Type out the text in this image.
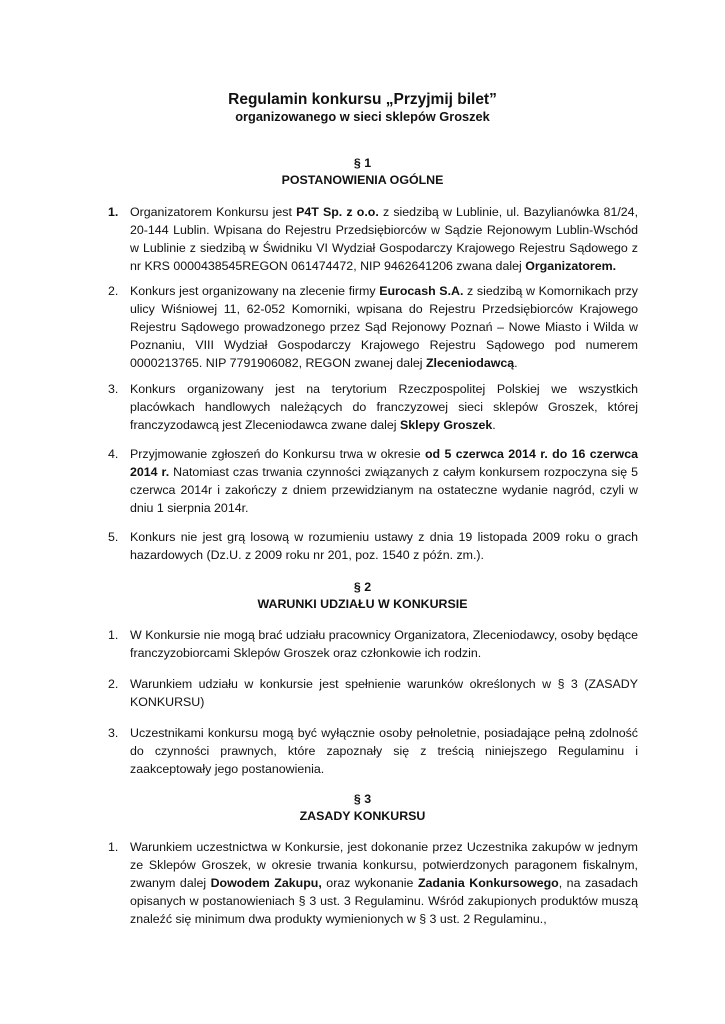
Regulamin konkursu „Przyjmij bilet”
organizowanego w sieci sklepów Groszek
§ 1
POSTANOWIENIA OGÓLNE
1. Organizatorem Konkursu jest P4T Sp. z o.o. z siedzibą w Lublinie, ul. Bazylianówka 81/24, 20-144 Lublin. Wpisana do Rejestru Przedsiębiorców w Sądzie Rejonowym Lublin-Wschód w Lublinie z siedzibą w Świdniku VI Wydział Gospodarczy Krajowego Rejestru Sądowego z nr KRS 0000438545REGON 061474472, NIP 9462641206 zwana dalej Organizatorem.
2. Konkurs jest organizowany na zlecenie firmy Eurocash S.A. z siedzibą w Komornikach przy ulicy Wiśniowej 11, 62-052 Komorniki, wpisana do Rejestru Przedsiębiorców Krajowego Rejestru Sądowego prowadzonego przez Sąd Rejonowy Poznań – Nowe Miasto i Wilda w Poznaniu, VIII Wydział Gospodarczy Krajowego Rejestru Sądowego pod numerem 0000213765. NIP 7791906082, REGON zwanej dalej Zleceniodawcą.
3. Konkurs organizowany jest na terytorium Rzeczpospolitej Polskiej we wszystkich placówkach handlowych należących do franczyzowej sieci sklepów Groszek, której franczyzodawcą jest Zleceniodawca zwane dalej Sklepy Groszek.
4. Przyjmowanie zgłoszeń do Konkursu trwa w okresie od 5 czerwca 2014 r. do 16 czerwca 2014 r. Natomiast czas trwania czynności związanych z całym konkursem rozpoczyna się 5 czerwca 2014r i zakończy z dniem przewidzianym na ostateczne wydanie nagród, czyli w dniu 1 sierpnia 2014r.
5. Konkurs nie jest grą losową w rozumieniu ustawy z dnia 19 listopada 2009 roku o grach hazardowych (Dz.U. z 2009 roku nr 201, poz. 1540 z późn. zm.).
§ 2
WARUNKI UDZIAŁU W KONKURSIE
1. W Konkursie nie mogą brać udziału pracownicy Organizatora, Zleceniodawcy, osoby będące franczyzobiorcami Sklepów Groszek oraz członkowie ich rodzin.
2. Warunkiem udziału w konkursie jest spełnienie warunków określonych w § 3 (ZASADY KONKURSU)
3. Uczestnikami konkursu mogą być wyłącznie osoby pełnoletnie, posiadające pełną zdolność do czynności prawnych, które zapoznały się z treścią niniejszego Regulaminu i zaakceptowały jego postanowienia.
§ 3
ZASADY KONKURSU
1. Warunkiem uczestnictwa w Konkursie, jest dokonanie przez Uczestnika zakupów w jednym ze Sklepów Groszek, w okresie trwania konkursu, potwierdzonych paragonem fiskalnym, zwanym dalej Dowodem Zakupu, oraz wykonanie Zadania Konkursowego, na zasadach opisanych w postanowieniach § 3 ust. 3 Regulaminu. Wśród zakupionych produktów muszą znaleźć się minimum dwa produkty wymienionych w § 3 ust. 2 Regulaminu.,
